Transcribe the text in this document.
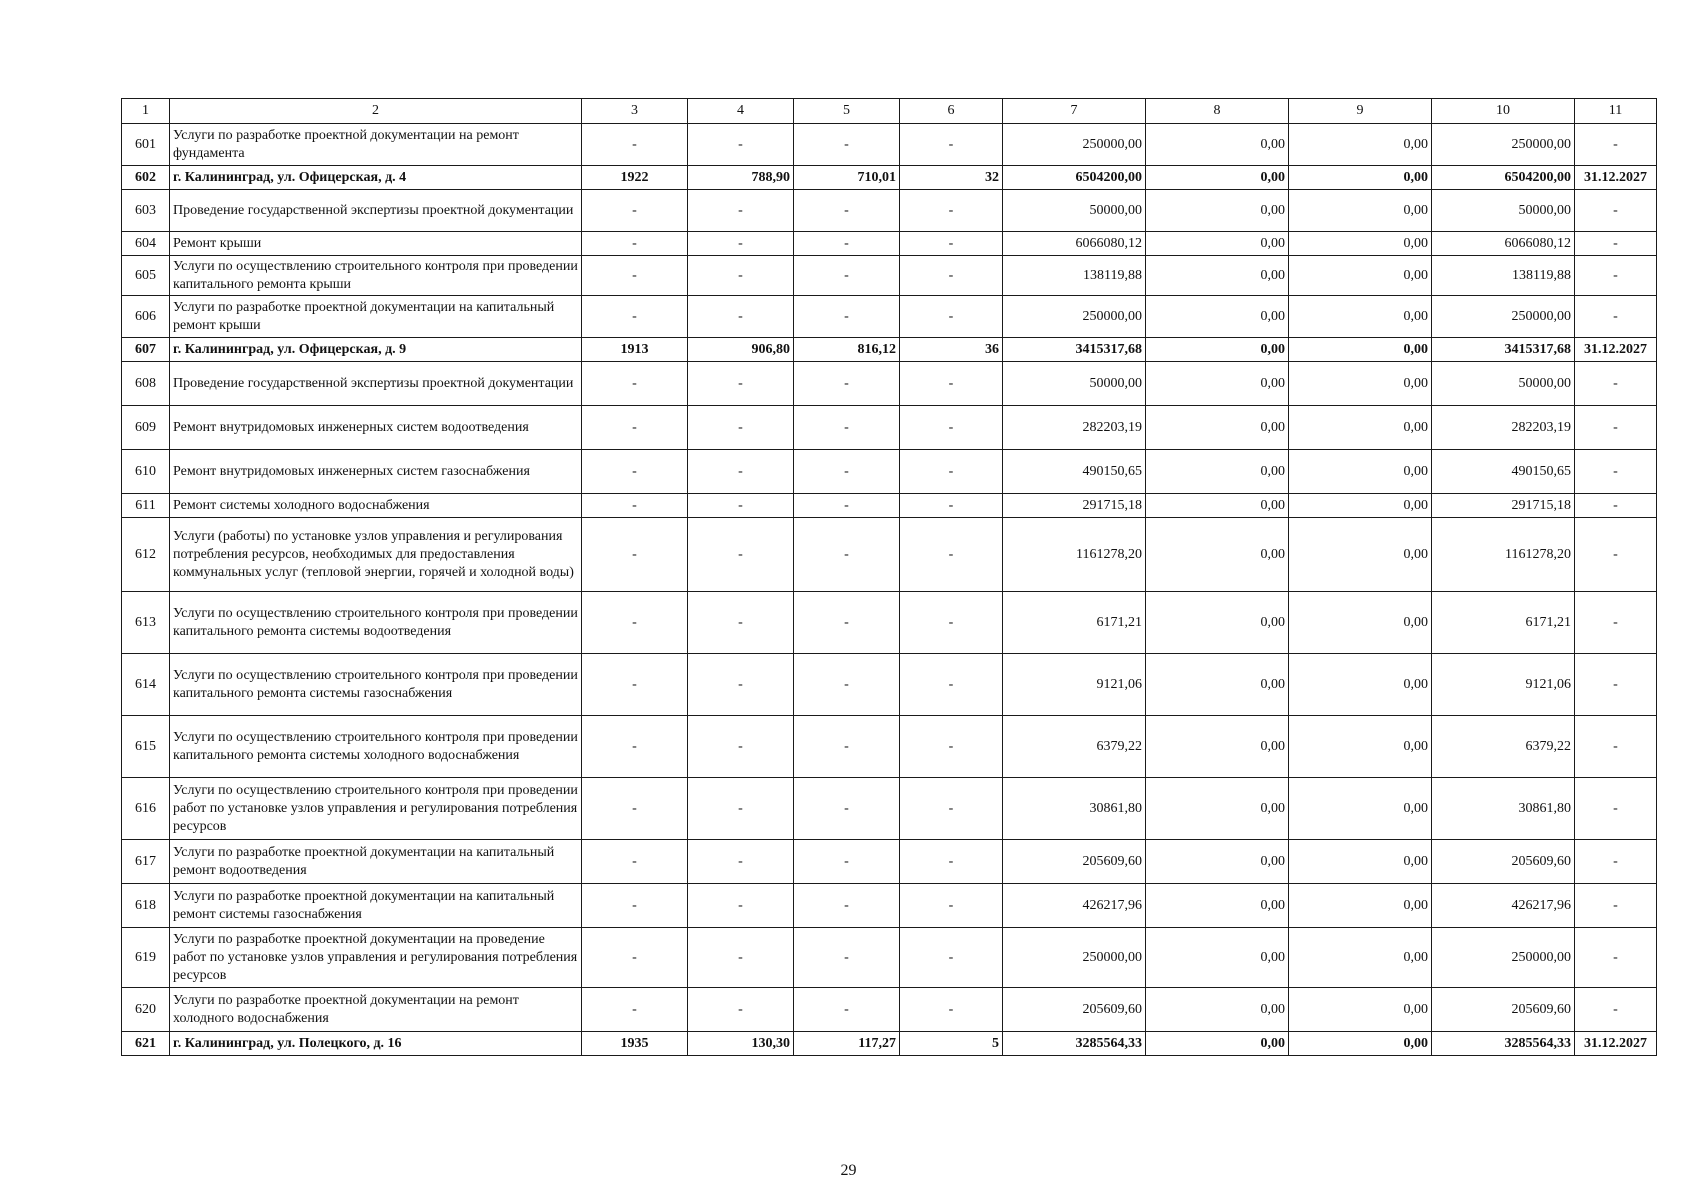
1	2	3	4	5	6	7	8	9	10	11
601	Услуги по разработке проектной документации на ремонт фундамента	-	-	-	-	250000,00	0,00	0,00	250000,00	-
602	г. Калининград, ул. Офицерская, д. 4	1922	788,90	710,01	32	6504200,00	0,00	0,00	6504200,00	31.12.2027
603	Проведение государственной экспертизы проектной документации	-	-	-	-	50000,00	0,00	0,00	50000,00	-
604	Ремонт крыши	-	-	-	-	6066080,12	0,00	0,00	6066080,12	-
605	Услуги по осуществлению строительного контроля при проведении капитального ремонта крыши	-	-	-	-	138119,88	0,00	0,00	138119,88	-
606	Услуги по разработке проектной документации на капитальный ремонт крыши	-	-	-	-	250000,00	0,00	0,00	250000,00	-
607	г. Калининград, ул. Офицерская, д. 9	1913	906,80	816,12	36	3415317,68	0,00	0,00	3415317,68	31.12.2027
608	Проведение государственной экспертизы проектной документации	-	-	-	-	50000,00	0,00	0,00	50000,00	-
609	Ремонт внутридомовых инженерных систем водоотведения	-	-	-	-	282203,19	0,00	0,00	282203,19	-
610	Ремонт внутридомовых инженерных систем газоснабжения	-	-	-	-	490150,65	0,00	0,00	490150,65	-
611	Ремонт системы холодного водоснабжения	-	-	-	-	291715,18	0,00	0,00	291715,18	-
612	Услуги (работы) по установке узлов управления и регулирования потребления ресурсов, необходимых для предоставления коммунальных услуг (тепловой энергии, горячей и холодной воды)	-	-	-	-	1161278,20	0,00	0,00	1161278,20	-
613	Услуги по осуществлению строительного контроля при проведении капитального ремонта системы водоотведения	-	-	-	-	6171,21	0,00	0,00	6171,21	-
614	Услуги по осуществлению строительного контроля при проведении капитального ремонта системы газоснабжения	-	-	-	-	9121,06	0,00	0,00	9121,06	-
615	Услуги по осуществлению строительного контроля при проведении капитального ремонта системы холодного водоснабжения	-	-	-	-	6379,22	0,00	0,00	6379,22	-
616	Услуги по осуществлению строительного контроля при проведении работ по установке узлов управления и регулирования потребления ресурсов	-	-	-	-	30861,80	0,00	0,00	30861,80	-
617	Услуги по разработке проектной документации на капитальный ремонт водоотведения	-	-	-	-	205609,60	0,00	0,00	205609,60	-
618	Услуги по разработке проектной документации на капитальный ремонт системы газоснабжения	-	-	-	-	426217,96	0,00	0,00	426217,96	-
619	Услуги по разработке проектной документации на проведение работ по установке узлов управления и регулирования потребления ресурсов	-	-	-	-	250000,00	0,00	0,00	250000,00	-
620	Услуги по разработке проектной документации на ремонт холодного водоснабжения	-	-	-	-	205609,60	0,00	0,00	205609,60	-
621	г. Калининград, ул. Полецкого, д. 16	1935	130,30	117,27	5	3285564,33	0,00	0,00	3285564,33	31.12.2027
29
